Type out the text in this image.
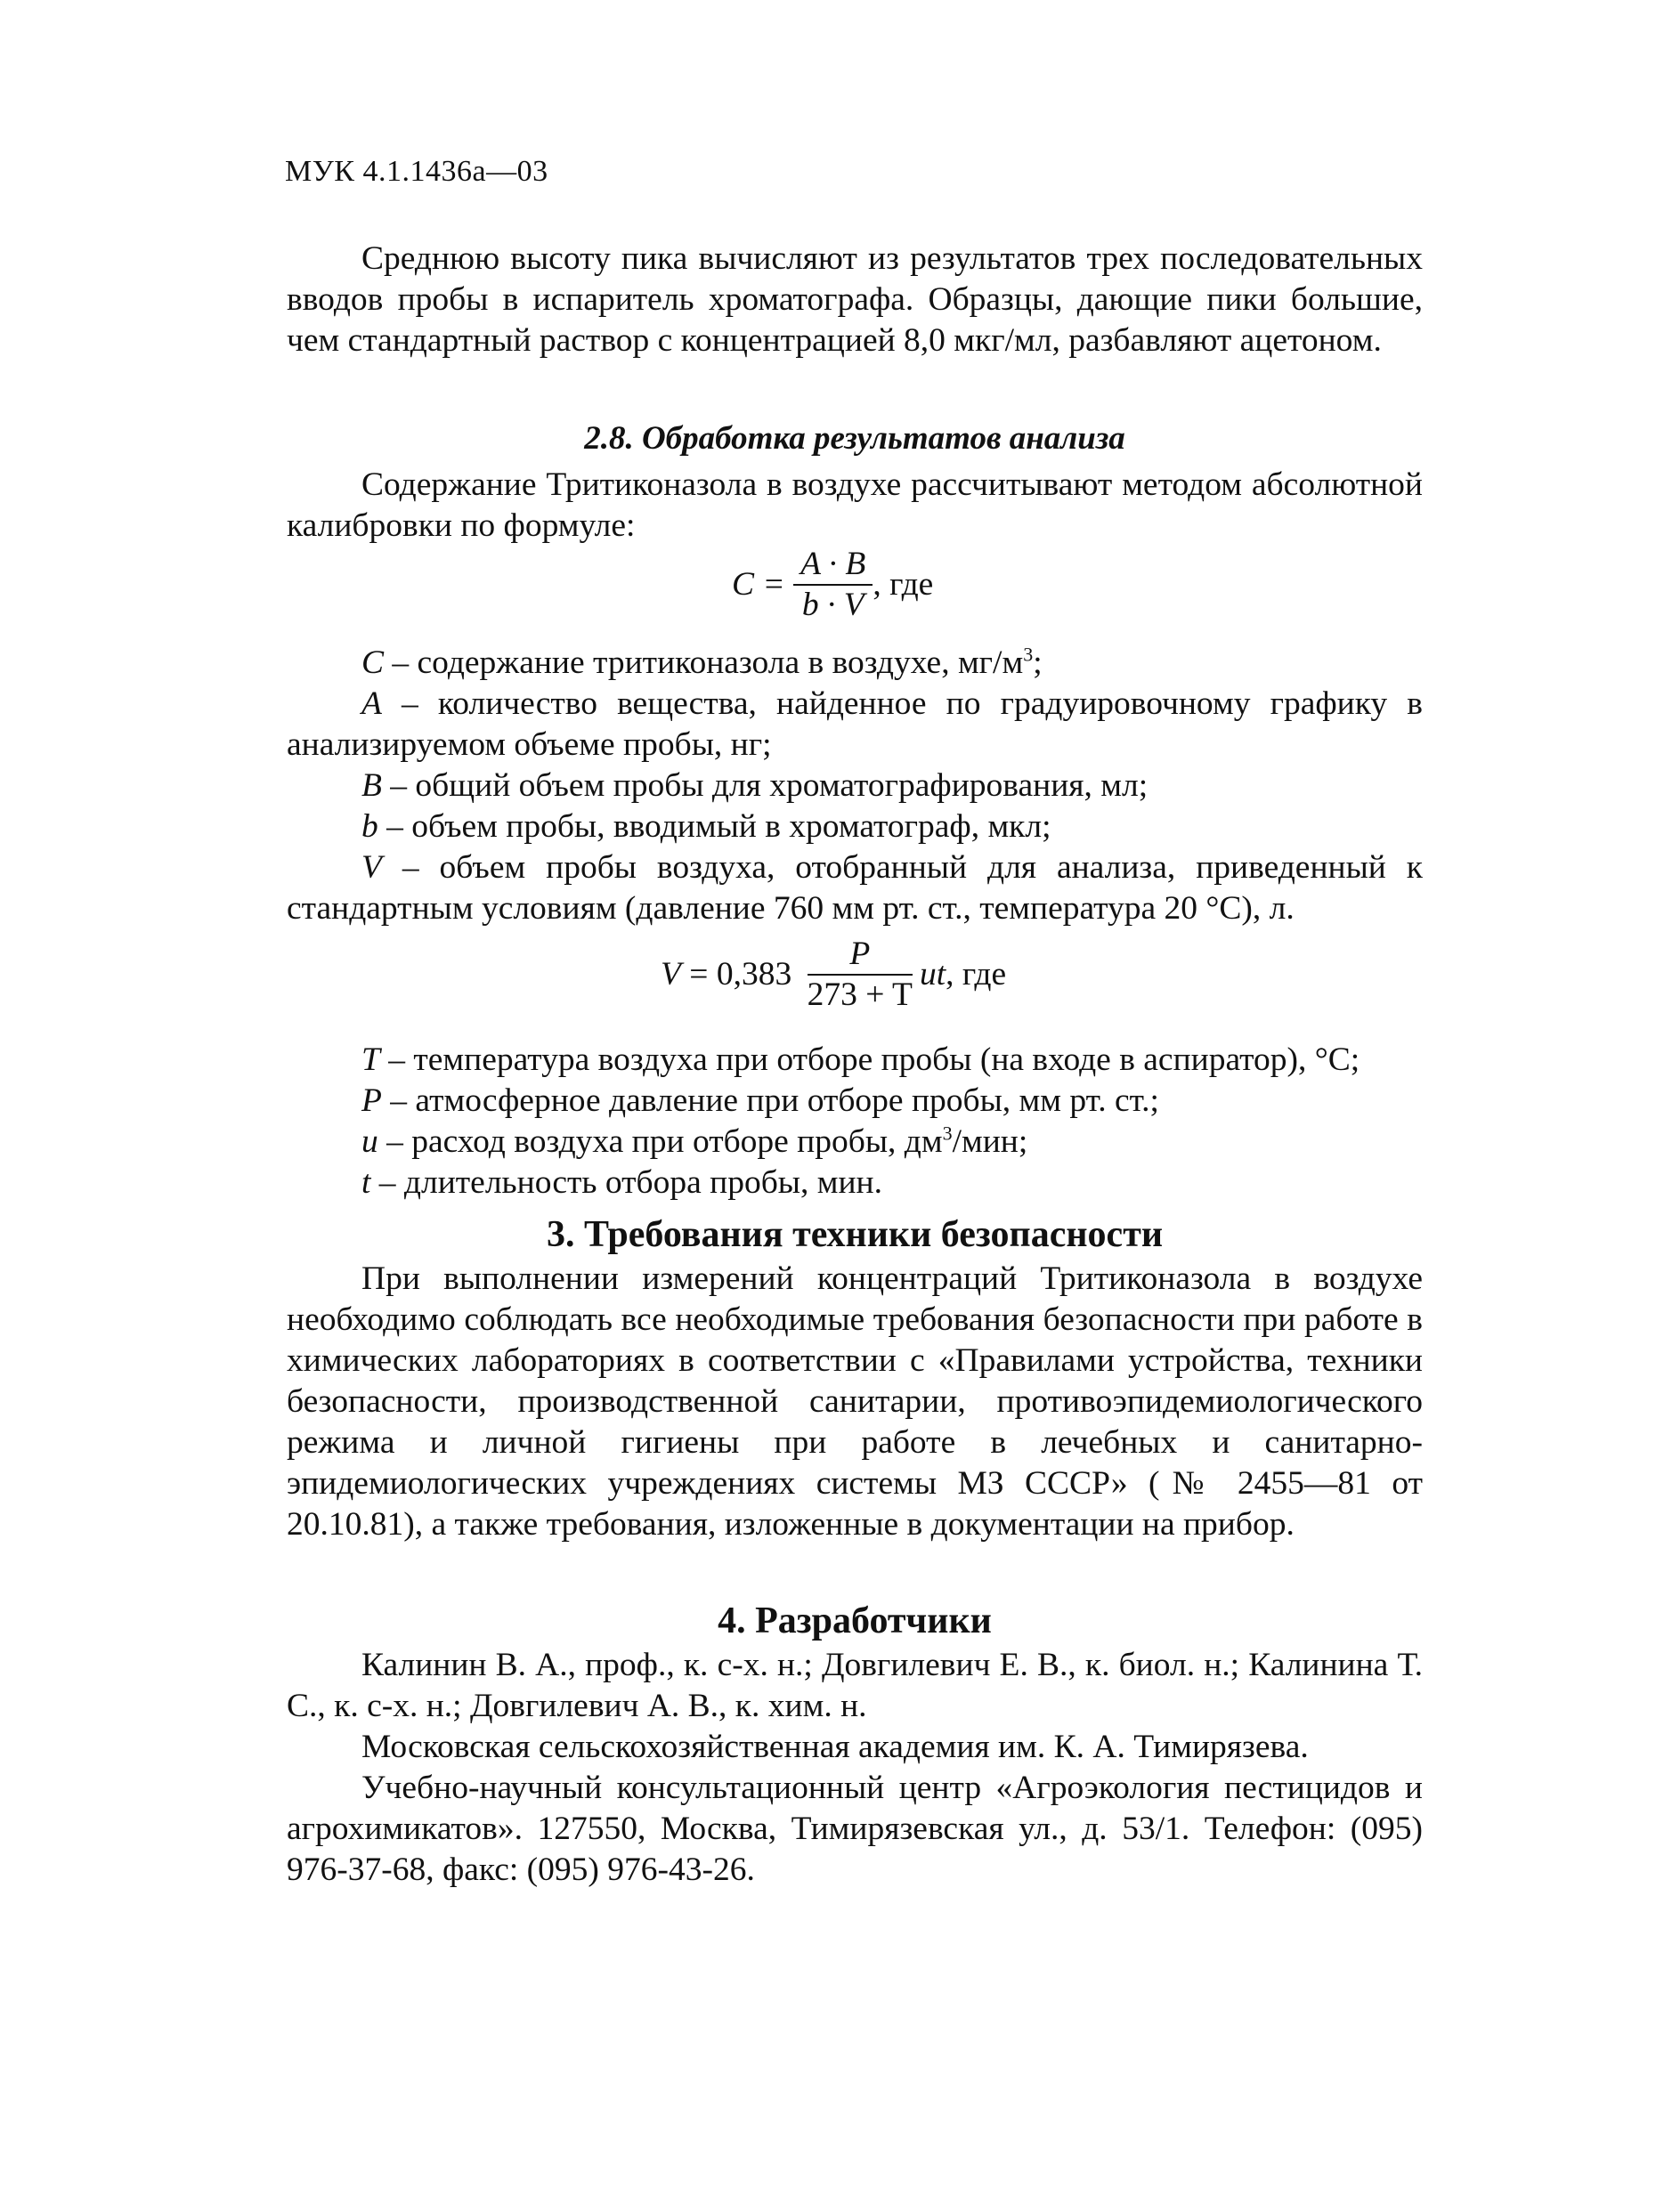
МУК 4.1.1436а—03

Среднюю высоту пика вычисляют из результатов трех последовательных вводов пробы в испаритель хроматографа. Образцы, дающие пики большие, чем стандартный раствор с концентрацией 8,0 мкг/мл, разбавляют ацетоном.

2.8. Обработка результатов анализа

Содержание Тритиконазола в воздухе рассчитывают методом абсолютной калибровки по формуле:

$C = \frac{A \cdot B}{b \cdot V}$ , где

C – содержание тритиконазола в воздухе, $мг/м^3$;

A – количество вещества, найденное по градуировочному графику в анализируемом объеме пробы, нг;

B – общий объем пробы для хроматографирования, мл;

b – объем пробы, вводимый в хроматограф, мкл;

V – объем пробы воздуха, отобранный для анализа, приведенный к стандартным условиям (давление 760 мм рт. ст., температура 20 °С), л.

$V = 0,383 \frac{P}{273 + T}$ ut, где

T – температура воздуха при отборе пробы (на входе в аспиратор), °С;

P – атмосферное давление при отборе пробы, мм рт. ст.;

u – расход воздуха при отборе пробы, $дм^3$/мин;

t – длительность отбора пробы, мин.

3. Требования техники безопасности

При выполнении измерений концентраций Тритиконазола в воздухе необходимо соблюдать все необходимые требования безопасности при работе в химических лабораториях в соответствии с «Правилами устройства, техники безопасности, производственной санитарии, противоэпидемиологического режима и личной гигиены при работе в лечебных и санитарно-эпидемиологических учреждениях системы МЗ СССР» (№ 2455—81 от 20.10.81), а также требования, изложенные в документации на прибор.

4. Разработчики

Калинин В. А., проф., к. с-х. н.; Довгилевич Е. В., к. биол. н.; Калинина Т. С., к. с-х. н.; Довгилевич А. В., к. хим. н.

Московская сельскохозяйственная академия им. К. А. Тимирязева.

Учебно-научный консультационный центр «Агроэкология пестицидов и агрохимикатов». 127550, Москва, Тимирязевская ул., д. 53/1. Телефон: (095) 976-37-68, факс: (095) 976-43-26.
